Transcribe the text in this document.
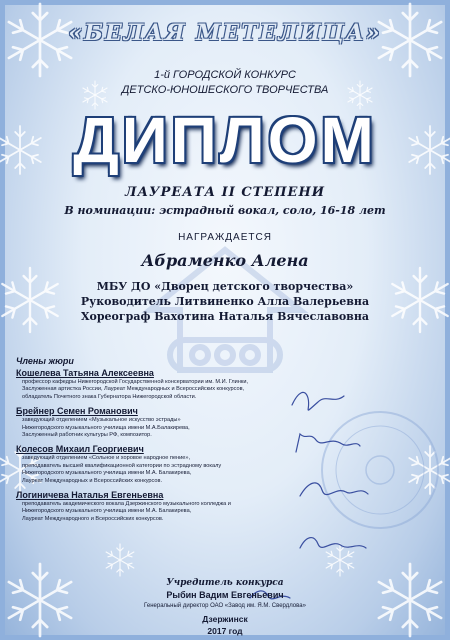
«БЕЛАЯ МЕТЕЛИЦА»
1-й ГОРОДСКОЙ КОНКУРС
ДЕТСКО-ЮНОШЕСКОГО ТВОРЧЕСТВА
ДИПЛОМ
ЛАУРЕАТА II СТЕПЕНИ
В номинации: эстрадный вокал, соло, 16-18 лет
НАГРАЖДАЕТСЯ
Абраменко Алена
МБУ ДО «Дворец детского творчества»
Руководитель Литвиненко Алла Валерьевна
Хореограф Вахотина Наталья Вячеславовна
Члены жюри
Кошелева Татьяна Алексеевна
профессор кафедры Нижегородской Государственной консерватории им. М.И. Глинки,
Заслуженная артистка России, Лауреат Международных и Всероссийских конкурсов,
обладатель Почетного знака Губернатора Нижегородской области.
Брейнер Семен Романович
заведующий отделением «Музыкальное искусство эстрады»
Нижегородского музыкального училища имени М.А.Балакирева,
Заслуженный работник культуры РФ, композитор.
Колесов Михаил Георгиевич
заведующий отделением «Сольное и хоровое народное пение»,
преподаватель высшей квалификационной категории по эстрадному вокалу
Нижегородского музыкального училища имени М.А. Балакирева,
Лауреат Международных и Всероссийских конкурсов.
Логиничева Наталья Евгеньевна
преподаватель академического вокала Дзержинского музыкального колледжа и
Нижегородского музыкального училища имени М.А. Балакирева,
Лауреат Международного и Всероссийских конкурсов.
Учредитель конкурса
Рыбин Вадим Евгеньевич
Генеральный директор ОАО «Завод им. Я.М. Свердлова»
Дзержинск
2017 год
